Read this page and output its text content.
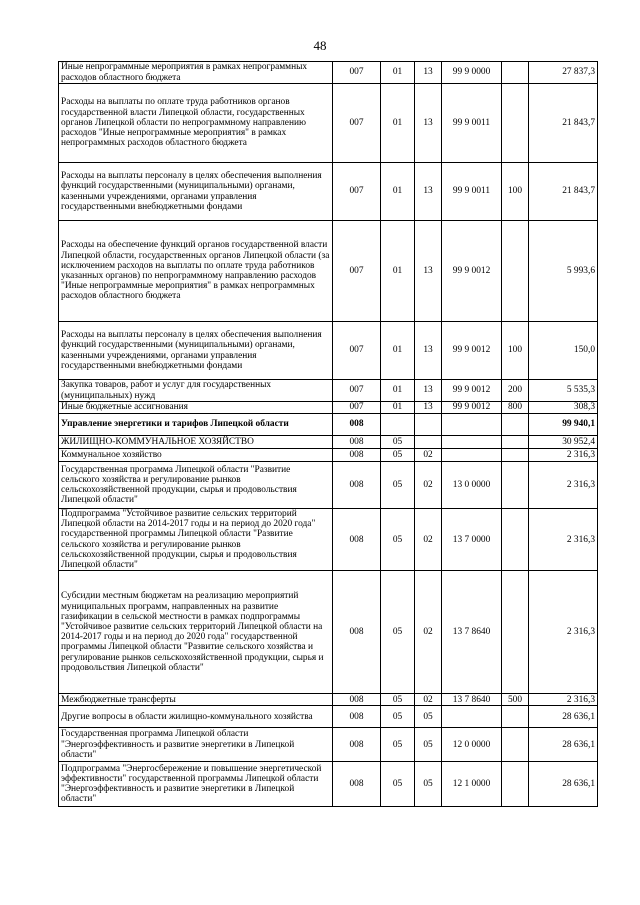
48
Иные непрограммные мероприятия в рамках непрограммных расходов областного бюджета	007	01	13	99 9 0000		27 837,3
Расходы на выплаты по оплате труда работников органов государственной власти Липецкой области, государственных органов Липецкой области по непрограммному направлению расходов "Иные непрограммные мероприятия" в рамках непрограммных расходов областного бюджета	007	01	13	99 9 0011		21 843,7
Расходы на выплаты персоналу в целях обеспечения выполнения функций государственными (муниципальными) органами, казенными учреждениями, органами управления государственными внебюджетными фондами	007	01	13	99 9 0011	100	21 843,7
Расходы на обеспечение функций органов государственной власти Липецкой области, государственных органов Липецкой области (за исключением расходов на выплаты по оплате труда работников указанных органов) по непрограммному направлению расходов "Иные непрограммные мероприятия" в рамках непрограммных расходов областного бюджета	007	01	13	99 9 0012		5 993,6
Расходы на выплаты персоналу в целях обеспечения выполнения функций государственными (муниципальными) органами, казенными учреждениями, органами управления государственными внебюджетными фондами	007	01	13	99 9 0012	100	150,0
Закупка товаров, работ и услуг для государственных (муниципальных) нужд	007	01	13	99 9 0012	200	5 535,3
Иные бюджетные ассигнования	007	01	13	99 9 0012	800	308,3
Управление энергетики и тарифов Липецкой области	008					99 940,1
ЖИЛИЩНО-КОММУНАЛЬНОЕ ХОЗЯЙСТВО	008	05				30 952,4
Коммунальное хозяйство	008	05	02			2 316,3
Государственная программа Липецкой области "Развитие сельского хозяйства и регулирование рынков сельскохозяйственной продукции, сырья и продовольствия Липецкой области"	008	05	02	13 0 0000		2 316,3
Подпрограмма "Устойчивое развитие сельских территорий Липецкой области на 2014-2017 годы и на период до 2020 года" государственной программы Липецкой области "Развитие сельского хозяйства и регулирование рынков сельскохозяйственной продукции, сырья и продовольствия Липецкой области"	008	05	02	13 7 0000		2 316,3
Субсидии местным бюджетам на реализацию мероприятий муниципальных программ, направленных на развитие газификации в сельской местности в рамках подпрограммы "Устойчивое развитие сельских территорий Липецкой области на 2014-2017 годы и на период до 2020 года" государственной программы Липецкой области "Развитие сельского хозяйства и регулирование рынков сельскохозяйственной продукции, сырья и продовольствия Липецкой области"	008	05	02	13 7 8640		2 316,3
Межбюджетные трансферты	008	05	02	13 7 8640	500	2 316,3
Другие вопросы в области жилищно-коммунального хозяйства	008	05	05			28 636,1
Государственная программа Липецкой области "Энергоэффективность и развитие энергетики в Липецкой области"	008	05	05	12 0 0000		28 636,1
Подпрограмма "Энергосбережение и повышение энергетической эффективности" государственной программы Липецкой области "Энергоэффективность и развитие энергетики в Липецкой области"	008	05	05	12 1 0000		28 636,1
